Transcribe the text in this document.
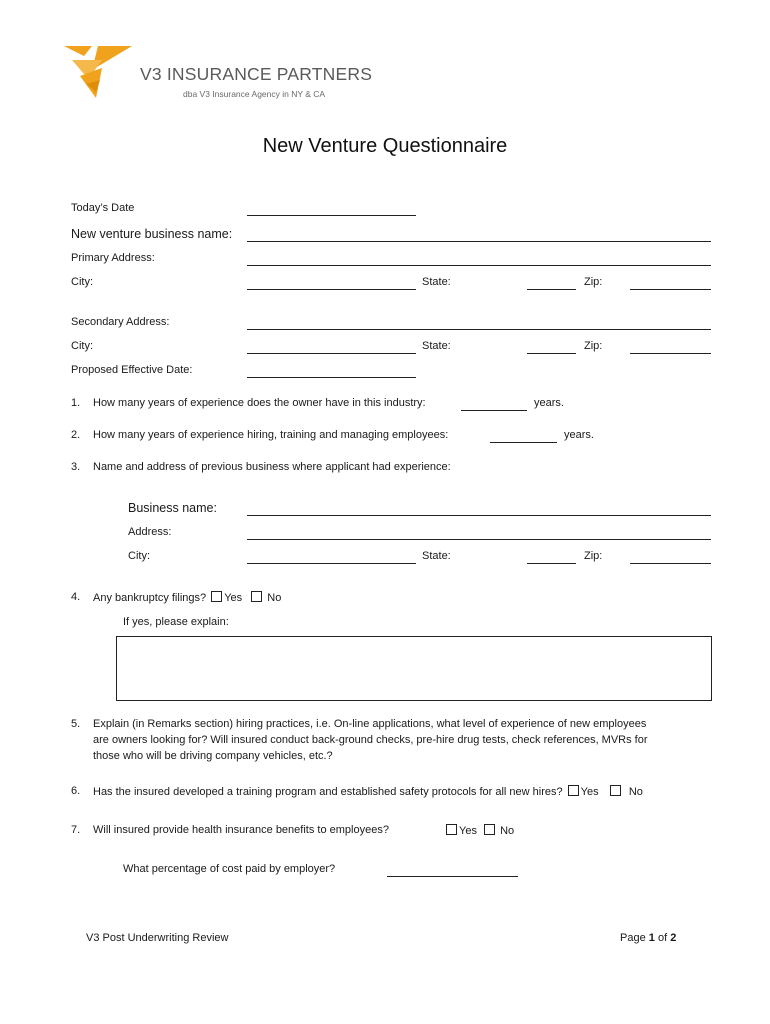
V3 INSURANCE PARTNERS
dba V3 Insurance Agency in NY & CA
New Venture Questionnaire
Today’s Date
New venture business name:
Primary Address:
City:	State:	Zip:
Secondary Address:
City:	State:	Zip:
Proposed Effective Date:
1. How many years of experience does the owner have in this industry:	years.
2. How many years of experience hiring, training and managing employees:	years.
3. Name and address of previous business where applicant had experience:
Business name:
Address:
City:	State:	Zip:
4. Any bankruptcy filings? Yes No
If yes, please explain:
5. Explain (in Remarks section) hiring practices, i.e. On-line applications, what level of experience of new employees
are owners looking for? Will insured conduct back-ground checks, pre-hire drug tests, check references, MVRs for
those who will be driving company vehicles, etc.?
6. Has the insured developed a training program and established safety protocols for all new hires? Yes	No
7. Will insured provide health insurance benefits to employees?	Yes No
What percentage of cost paid by employer?
V3 Post Underwriting Review	Page 1 of 2
